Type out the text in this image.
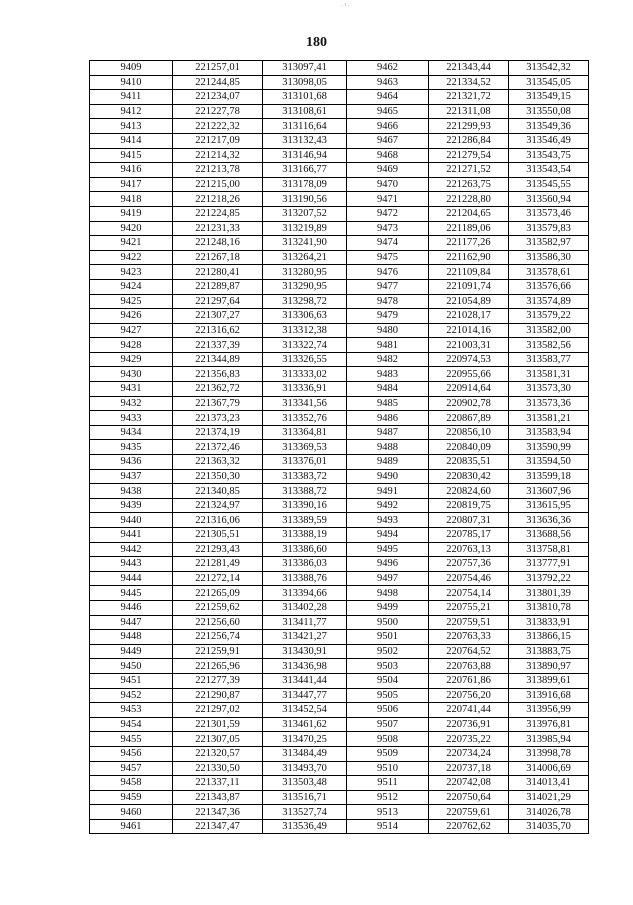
·¹·
180
9409	221257,01	313097,41	9462	221343,44	313542,32
9410	221244,85	313098,05	9463	221334,52	313545,05
9411	221234,07	313101,68	9464	221321,72	313549,15
9412	221227,78	313108,61	9465	221311,08	313550,08
9413	221222,32	313116,64	9466	221299,93	313549,36
9414	221217,09	313132,43	9467	221286,84	313546,49
9415	221214,32	313146,94	9468	221279,54	313543,75
9416	221213,78	313166,77	9469	221271,52	313543,54
9417	221215,00	313178,09	9470	221263,75	313545,55
9418	221218,26	313190,56	9471	221228,80	313560,94
9419	221224,85	313207,52	9472	221204,65	313573,46
9420	221231,33	313219,89	9473	221189,06	313579,83
9421	221248,16	313241,90	9474	221177,26	313582,97
9422	221267,18	313264,21	9475	221162,90	313586,30
9423	221280,41	313280,95	9476	221109,84	313578,61
9424	221289,87	313290,95	9477	221091,74	313576,66
9425	221297,64	313298,72	9478	221054,89	313574,89
9426	221307,27	313306,63	9479	221028,17	313579,22
9427	221316,62	313312,38	9480	221014,16	313582,00
9428	221337,39	313322,74	9481	221003,31	313582,56
9429	221344,89	313326,55	9482	220974,53	313583,77
9430	221356,83	313333,02	9483	220955,66	313581,31
9431	221362,72	313336,91	9484	220914,64	313573,30
9432	221367,79	313341,56	9485	220902,78	313573,36
9433	221373,23	313352,76	9486	220867,89	313581,21
9434	221374,19	313364,81	9487	220856,10	313583,94
9435	221372,46	313369,53	9488	220840,09	313590,99
9436	221363,32	313376,01	9489	220835,51	313594,50
9437	221350,30	313383,72	9490	220830,42	313599,18
9438	221340,85	313388,72	9491	220824,60	313607,96
9439	221324,97	313390,16	9492	220819,75	313615,95
9440	221316,06	313389,59	9493	220807,31	313636,36
9441	221305,51	313388,19	9494	220785,17	313688,56
9442	221293,43	313386,60	9495	220763,13	313758,81
9443	221281,49	313386,03	9496	220757,36	313777,91
9444	221272,14	313388,76	9497	220754,46	313792,22
9445	221265,09	313394,66	9498	220754,14	313801,39
9446	221259,62	313402,28	9499	220755,21	313810,78
9447	221256,60	313411,77	9500	220759,51	313833,91
9448	221256,74	313421,27	9501	220763,33	313866,15
9449	221259,91	313430,91	9502	220764,52	313883,75
9450	221265,96	313436,98	9503	220763,88	313890,97
9451	221277,39	313441,44	9504	220761,86	313899,61
9452	221290,87	313447,77	9505	220756,20	313916,68
9453	221297,02	313452,54	9506	220741,44	313956,99
9454	221301,59	313461,62	9507	220736,91	313976,81
9455	221307,05	313470,25	9508	220735,22	313985,94
9456	221320,57	313484,49	9509	220734,24	313998,78
9457	221330,50	313493,70	9510	220737,18	314006,69
9458	221337,11	313503,48	9511	220742,08	314013,41
9459	221343,87	313516,71	9512	220750,64	314021,29
9460	221347,36	313527,74	9513	220759,61	314026,78
9461	221347,47	313536,49	9514	220762,62	314035,70
